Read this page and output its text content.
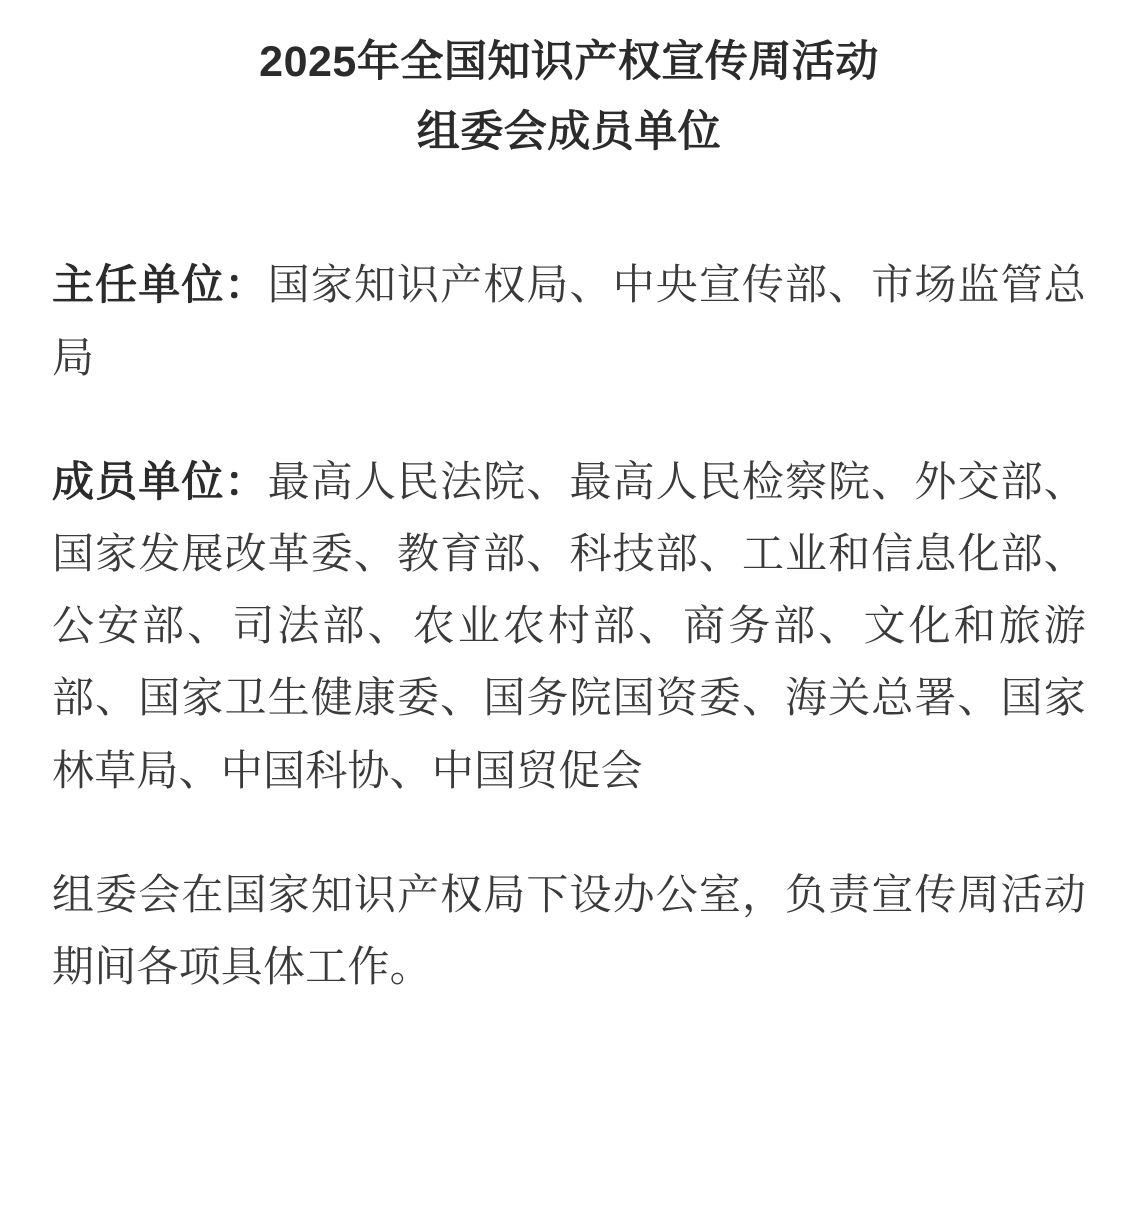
2025年全国知识产权宣传周活动
组委会成员单位

主任单位：国家知识产权局、中央宣传部、市场监管总局

成员单位：最高人民法院、最高人民检察院、外交部、国家发展改革委、教育部、科技部、工业和信息化部、公安部、司法部、农业农村部、商务部、文化和旅游部、国家卫生健康委、国务院国资委、海关总署、国家林草局、中国科协、中国贸促会

组委会在国家知识产权局下设办公室，负责宣传周活动期间各项具体工作。
